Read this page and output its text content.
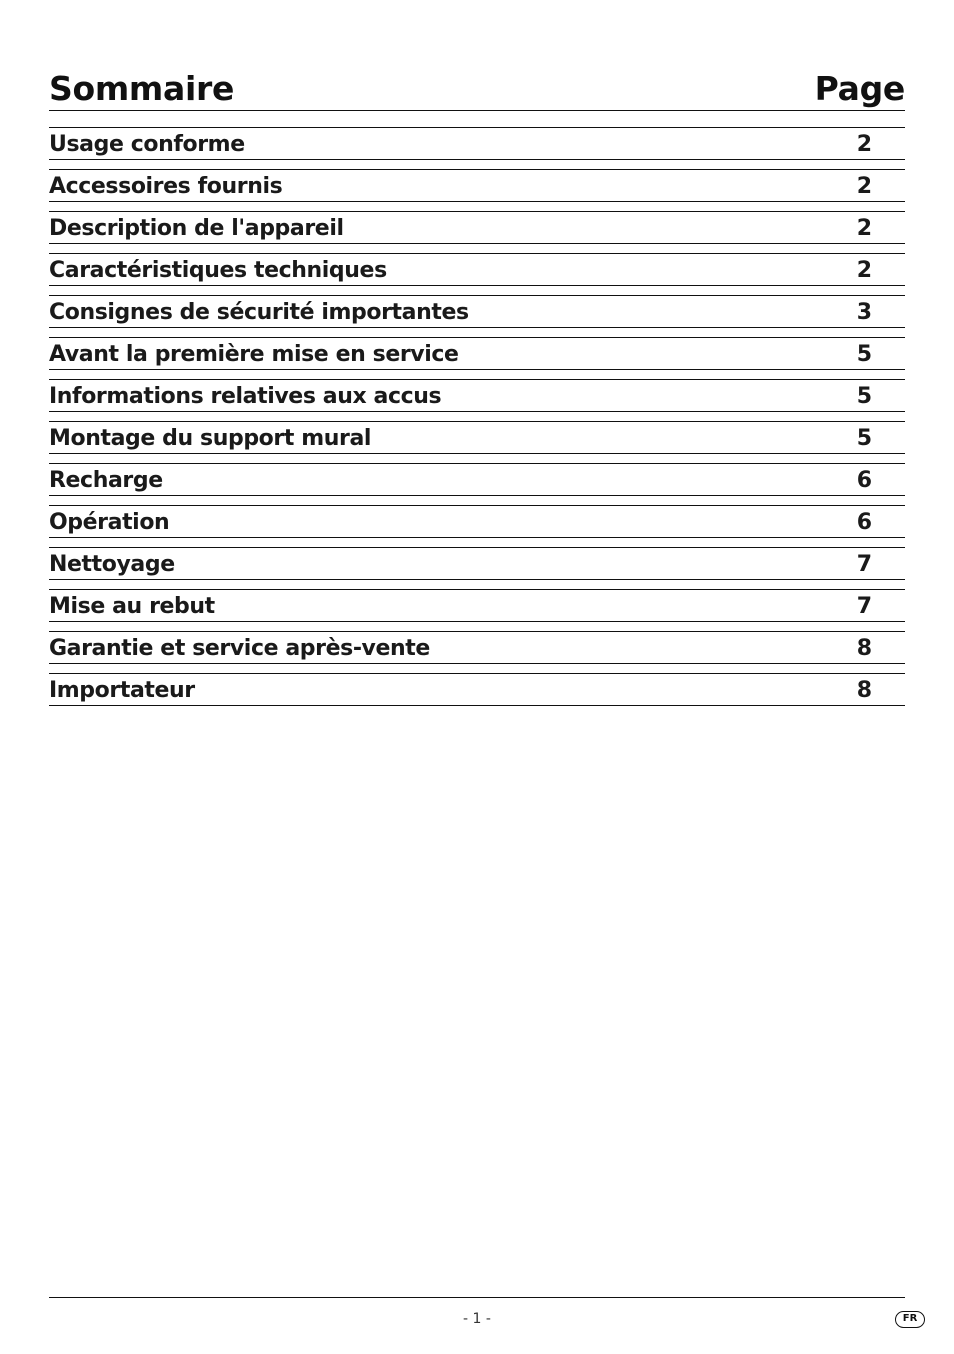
Sommaire	Page
Usage conforme	2
Accessoires fournis	2
Description de l'appareil	2
Caractéristiques techniques	2
Consignes de sécurité importantes	3
Avant la première mise en service	5
Informations relatives aux accus	5
Montage du support mural	5
Recharge	6
Opération	6
Nettoyage	7
Mise au rebut	7
Garantie et service après-vente	8
Importateur	8
- 1 -	FR
